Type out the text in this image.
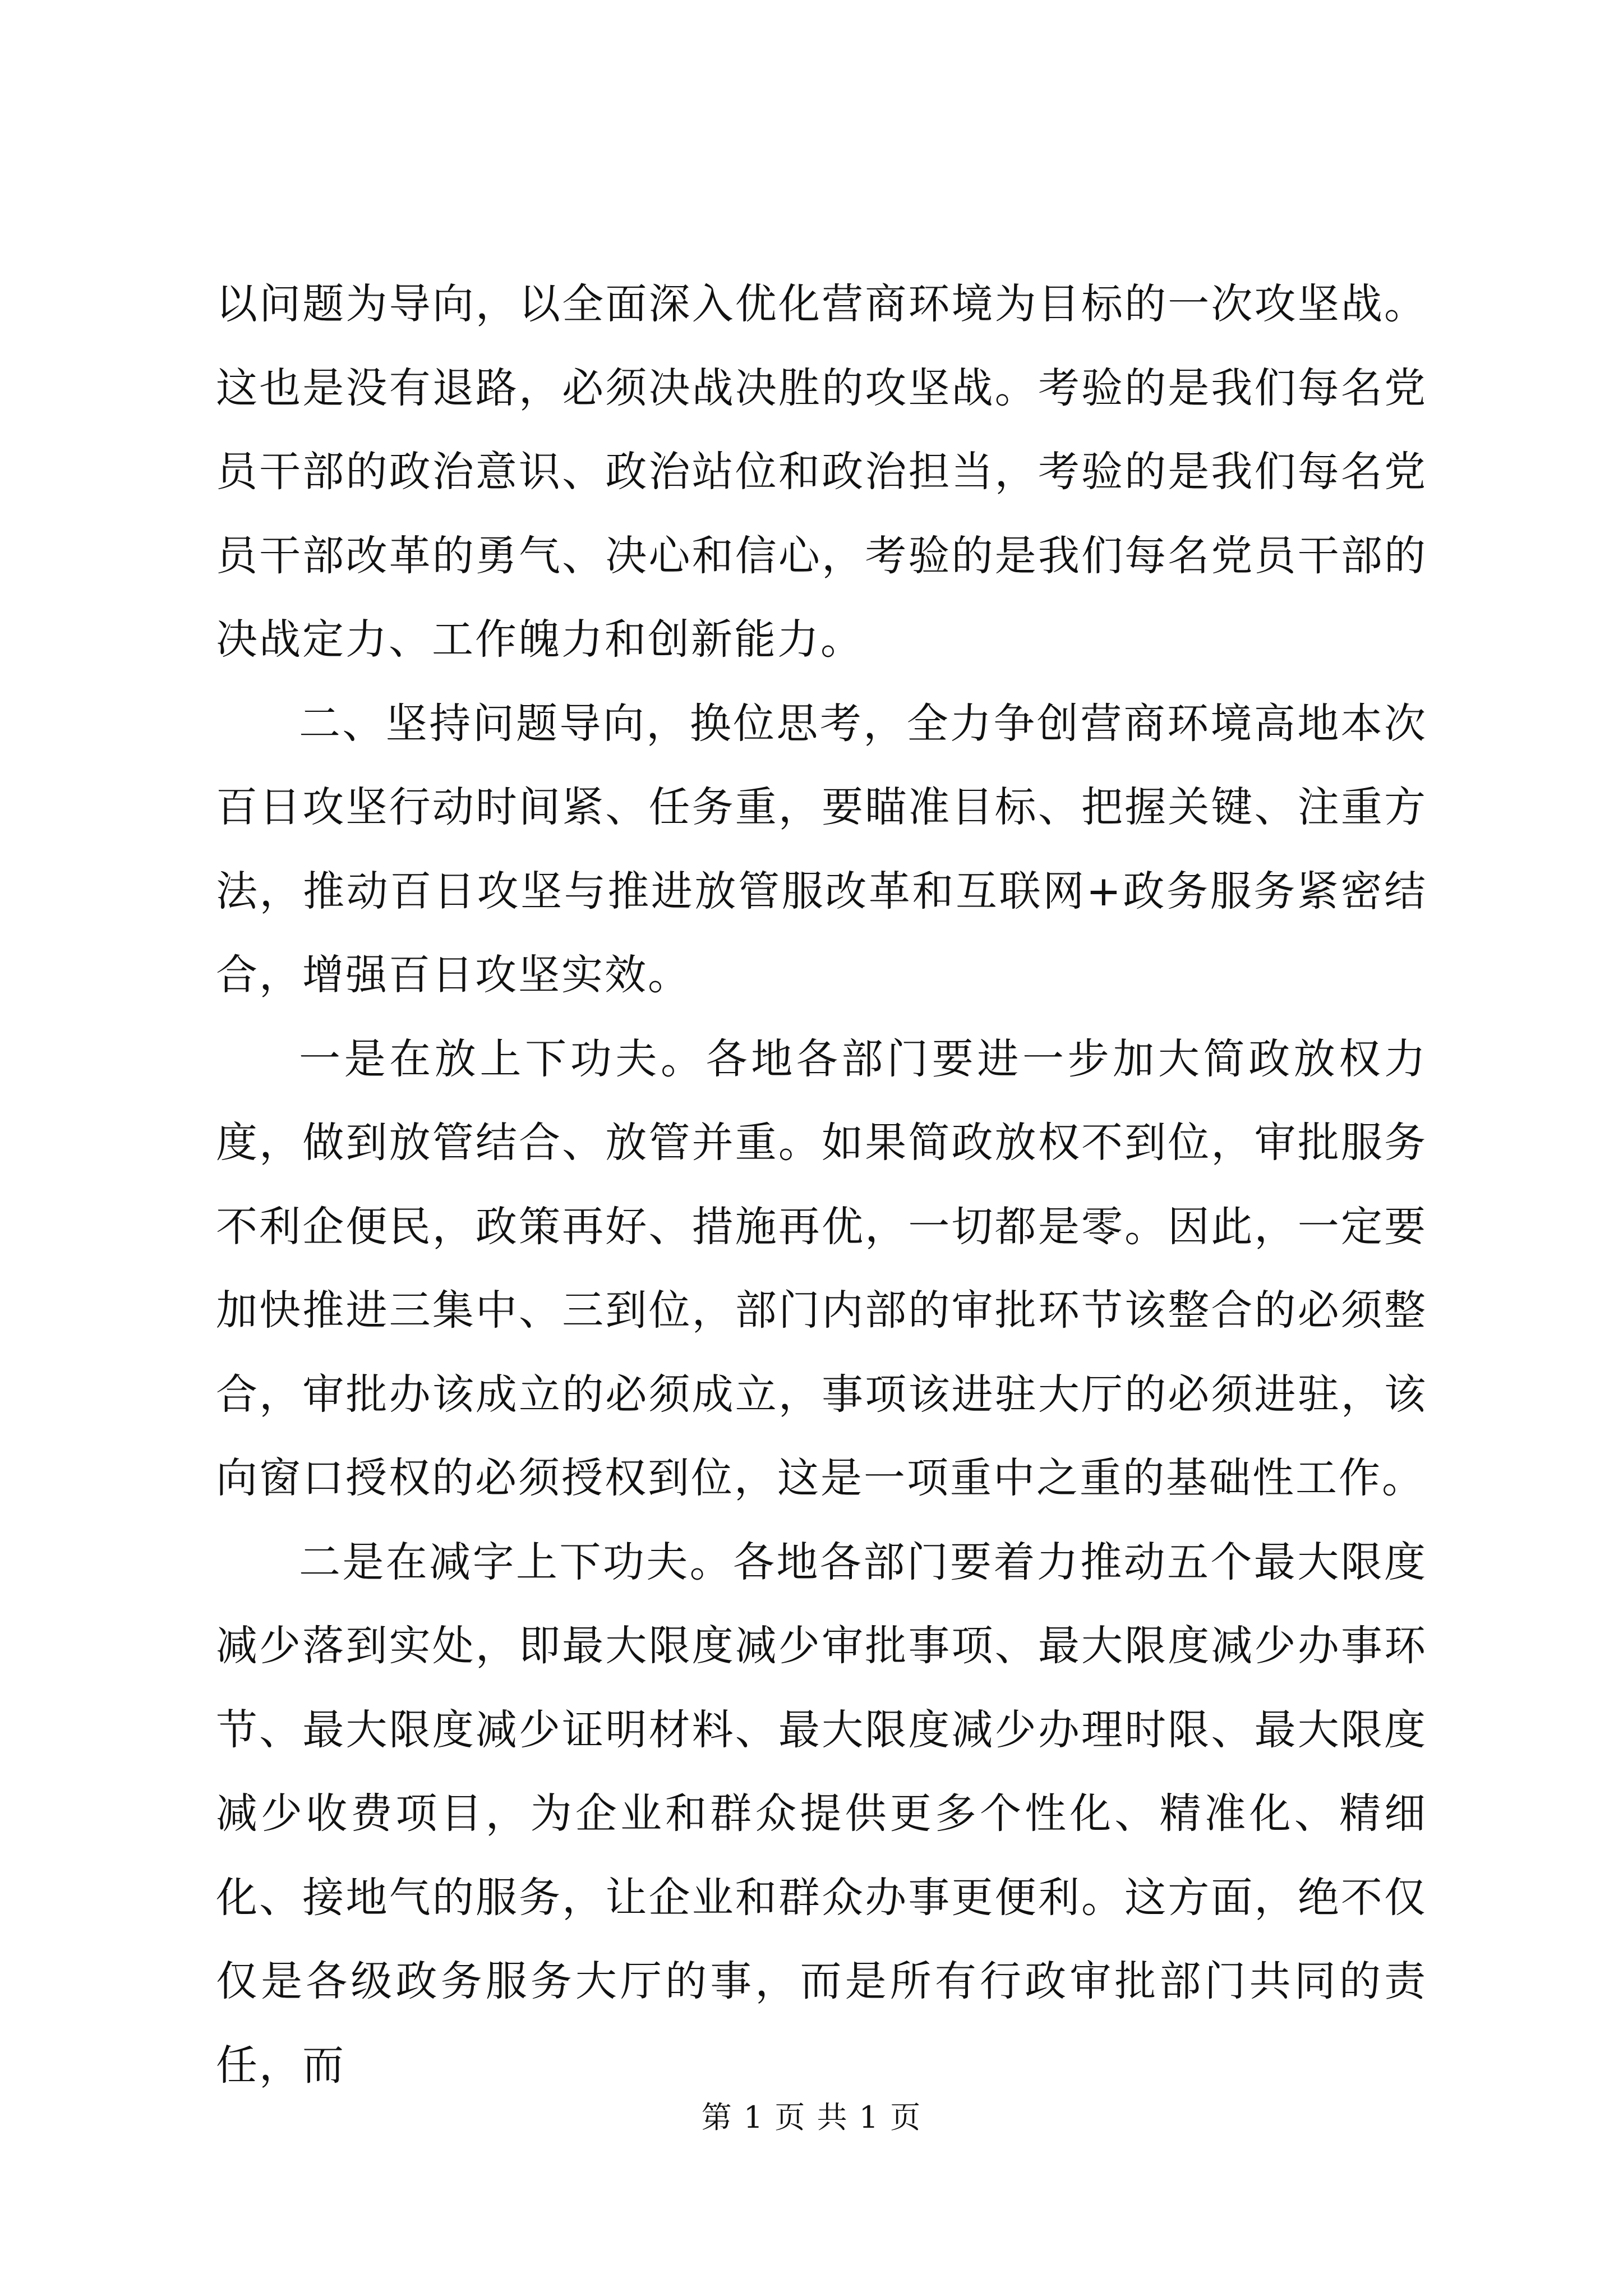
以问题为导向，以全面深入优化营商环境为目标的一次攻坚战。这也是没有退路，必须决战决胜的攻坚战。考验的是我们每名党员干部的政治意识、政治站位和政治担当，考验的是我们每名党员干部改革的勇气、决心和信心，考验的是我们每名党员干部的决战定力、工作魄力和创新能力。

二、坚持问题导向，换位思考，全力争创营商环境高地本次百日攻坚行动时间紧、任务重，要瞄准目标、把握关键、注重方法，推动百日攻坚与推进放管服改革和互联网+政务服务紧密结合，增强百日攻坚实效。

一是在放上下功夫。各地各部门要进一步加大简政放权力度，做到放管结合、放管并重。如果简政放权不到位，审批服务不利企便民，政策再好、措施再优，一切都是零。因此，一定要加快推进三集中、三到位，部门内部的审批环节该整合的必须整合，审批办该成立的必须成立，事项该进驻大厅的必须进驻，该向窗口授权的必须授权到位，这是一项重中之重的基础性工作。

二是在减字上下功夫。各地各部门要着力推动五个最大限度减少落到实处，即最大限度减少审批事项、最大限度减少办事环节、最大限度减少证明材料、最大限度减少办理时限、最大限度减少收费项目，为企业和群众提供更多个性化、精准化、精细化、接地气的服务，让企业和群众办事更便利。这方面，绝不仅仅是各级政务服务大厅的事，而是所有行政审批部门共同的责任，而

第 1 页 共 1 页
